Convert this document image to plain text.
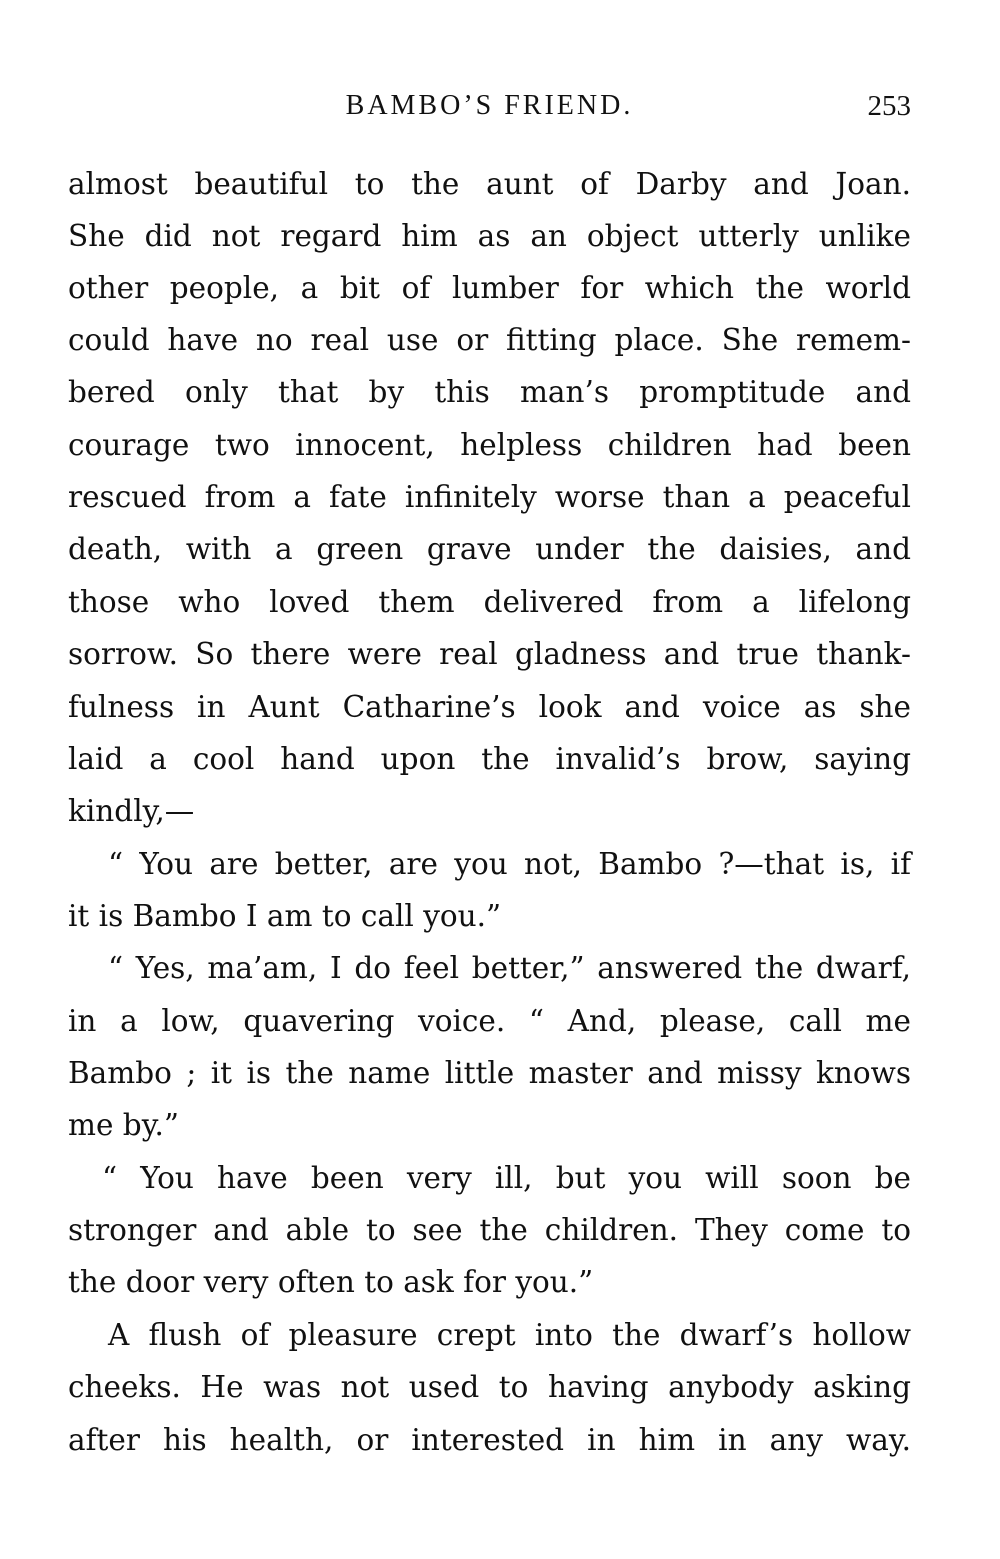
BAMBO’S FRIEND.	253
almost beautiful to the aunt of Darby and Joan.
She did not regard him as an object utterly unlike
other people, a bit of lumber for which the world
could have no real use or fitting place. She remem-
bered only that by this man’s promptitude and
courage two innocent, helpless children had been
rescued from a fate infinitely worse than a peaceful
death, with a green grave under the daisies, and
those who loved them delivered from a lifelong
sorrow. So there were real gladness and true thank-
fulness in Aunt Catharine’s look and voice as she
laid a cool hand upon the invalid’s brow, saying
kindly,—
“ You are better, are you not, Bambo ?—that is, if
it is Bambo I am to call you.”
“ Yes, ma’am, I do feel better,” answered the dwarf,
in a low, quavering voice. “ And, please, call me
Bambo ; it is the name little master and missy knows
me by.”
“ You have been very ill, but you will soon be
stronger and able to see the children. They come to
the door very often to ask for you.”
A flush of pleasure crept into the dwarf’s hollow
cheeks. He was not used to having anybody asking
after his health, or interested in him in any way.
